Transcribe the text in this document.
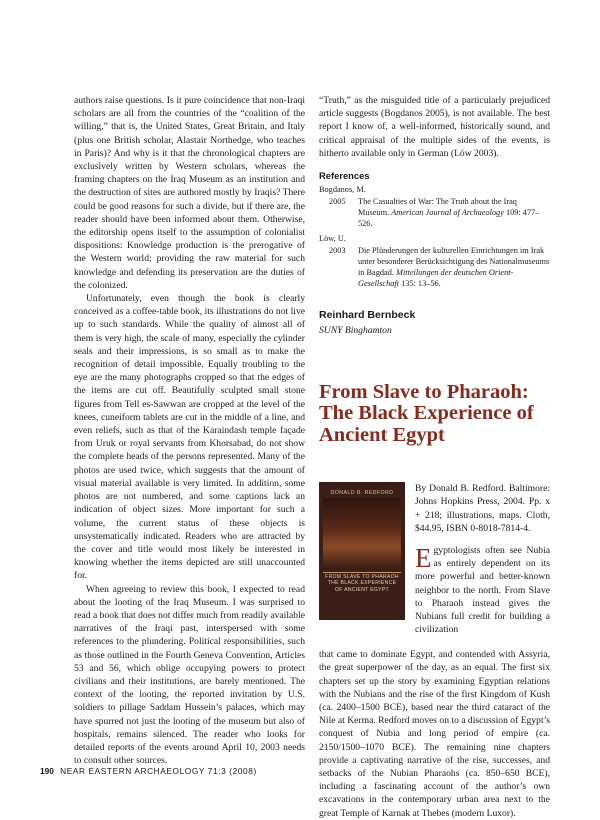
authors raise questions. Is it pure coincidence that non-Iraqi scholars are all from the countries of the “coalition of the willing,” that is, the United States, Great Britain, and Italy (plus one British scholar, Alastair Northedge, who teaches in Paris)? And why is it that the chronological chapters are exclusively written by Western scholars, whereas the framing chapters on the Iraq Museum as an institution and the destruction of sites are authored mostly by Iraqis? There could be good reasons for such a divide, but if there are, the reader should have been informed about them. Otherwise, the editorship opens itself to the assumption of colonialist dispositions: Knowledge production is the prerogative of the Western world; providing the raw material for such knowledge and defending its preservation are the duties of the colonized.

Unfortunately, even though the book is clearly conceived as a coffee-table book, its illustrations do not live up to such standards. While the quality of almost all of them is very high, the scale of many, especially the cylinder seals and their impressions, is so small as to make the recognition of detail impossible. Equally troubling to the eye are the many photographs cropped so that the edges of the items are cut off. Beautifully sculpted small stone figures from Tell es-Sawwan are cropped at the level of the knees, cuneiform tablets are cut in the middle of a line, and even reliefs, such as that of the Karaindash temple façade from Uruk or royal servants from Khorsabad, do not show the complete heads of the persons represented. Many of the photos are used twice, which suggests that the amount of visual material available is very limited. In addition, some photos are not numbered, and some captions lack an indication of object sizes. More important for such a volume, the current status of these objects is unsystematically indicated. Readers who are attracted by the cover and title would most likely be interested in knowing whether the items depicted are still unaccounted for.

When agreeing to review this book, I expected to read about the looting of the Iraq Museum. I was surprised to read a book that does not differ much from readily available narratives of the Iraqi past, interspersed with some references to the plundering. Political responsibilities, such as those outlined in the Fourth Geneva Convention, Articles 53 and 56, which oblige occupying powers to protect civilians and their institutions, are barely mentioned. The context of the looting, the reported invitation by U.S. soldiers to pillage Saddam Hussein’s palaces, which may have spurred not just the looting of the museum but also of hospitals, remains silenced. The reader who looks for detailed reports of the events around April 10, 2003 needs to consult other sources.

“Truth,” as the misguided title of a particularly prejudiced article suggests (Bogdanos 2005), is not available. The best report I know of, a well-informed, historically sound, and critical appraisal of the multiple sides of the events, is hitherto available only in German (Löw 2003).

References
Bogdanos, M.
2005	The Casualties of War: The Truth about the Iraq Museum. American Journal of Archaeology 109: 477–526.
Löw, U.
2003	Die Plünderungen der kulturellen Einrichtungen im Irak unter besonderer Berücksichtigung des Nationalmuseums in Bagdad. Mitteilungen der deutschen Orient-Gesellschaft 135: 13–56.
Reinhard Bernbeck
SUNY Binghamton
From Slave to Pharaoh:
The Black Experience of
Ancient Egypt
DONALD B. REDFORD
FROM SLAVE TO PHARAOH
THE BLACK EXPERIENCE
OF ANCIENT EGYPT
By Donald B. Redford. Baltimore: Johns Hopkins Press, 2004. Pp. x + 218; illustrations, maps. Cloth, $44.95, ISBN 0-8018-7814-4.
Egyptologists often see Nubia as entirely dependent on its more powerful and better-known neighbor to the north. From Slave to Pharaoh instead gives the Nubians full credit for building a civilization
that came to dominate Egypt, and contended with Assyria, the great superpower of the day, as an equal. The first six chapters set up the story by examining Egyptian relations with the Nubians and the rise of the first Kingdom of Kush (ca. 2400–1500 BCE), based near the third cataract of the Nile at Kerma. Redford moves on to a discussion of Egypt’s conquest of Nubia and long period of empire (ca. 2150/1500–1070 BCE). The remaining nine chapters provide a captivating narrative of the rise, successes, and setbacks of the Nubian Pharaohs (ca. 850–650 BCE), including a fascinating account of the author’s own excavations in the contemporary urban area next to the great Temple of Karnak at Thebes (modern Luxor).
190 NEAR EASTERN ARCHAEOLOGY 71:3 (2008)
